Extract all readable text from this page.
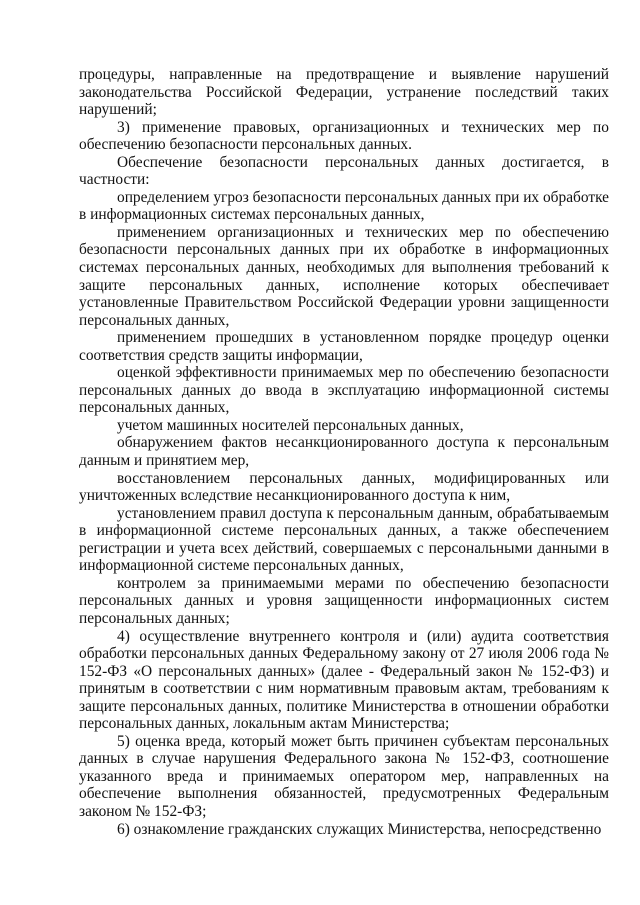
процедуры, направленные на предотвращение и выявление нарушений законодательства Российской Федерации, устранение последствий таких нарушений;

3) применение правовых, организационных и технических мер по обеспечению безопасности персональных данных.

Обеспечение безопасности персональных данных достигается, в частности:

определением угроз безопасности персональных данных при их обработке в информационных системах персональных данных,

применением организационных и технических мер по обеспечению безопасности персональных данных при их обработке в информационных системах персональных данных, необходимых для выполнения требований к защите персональных данных, исполнение которых обеспечивает установленные Правительством Российской Федерации уровни защищенности персональных данных,

применением прошедших в установленном порядке процедур оценки соответствия средств защиты информации,

оценкой эффективности принимаемых мер по обеспечению безопасности персональных данных до ввода в эксплуатацию информационной системы персональных данных,

учетом машинных носителей персональных данных,

обнаружением фактов несанкционированного доступа к персональным данным и принятием мер,

восстановлением персональных данных, модифицированных или уничтоженных вследствие несанкционированного доступа к ним,

установлением правил доступа к персональным данным, обрабатываемым в информационной системе персональных данных, а также обеспечением регистрации и учета всех действий, совершаемых с персональными данными в информационной системе персональных данных,

контролем за принимаемыми мерами по обеспечению безопасности персональных данных и уровня защищенности информационных систем персональных данных;

4) осуществление внутреннего контроля и (или) аудита соответствия обработки персональных данных Федеральному закону от 27 июля 2006 года № 152-ФЗ «О персональных данных» (далее - Федеральный закон № 152-ФЗ) и принятым в соответствии с ним нормативным правовым актам, требованиям к защите персональных данных, политике Министерства в отношении обработки персональных данных, локальным актам Министерства;

5) оценка вреда, который может быть причинен субъектам персональных данных в случае нарушения Федерального закона № 152-ФЗ, соотношение указанного вреда и принимаемых оператором мер, направленных на обеспечение выполнения обязанностей, предусмотренных Федеральным законом № 152-ФЗ;

6) ознакомление гражданских служащих Министерства, непосредственно
